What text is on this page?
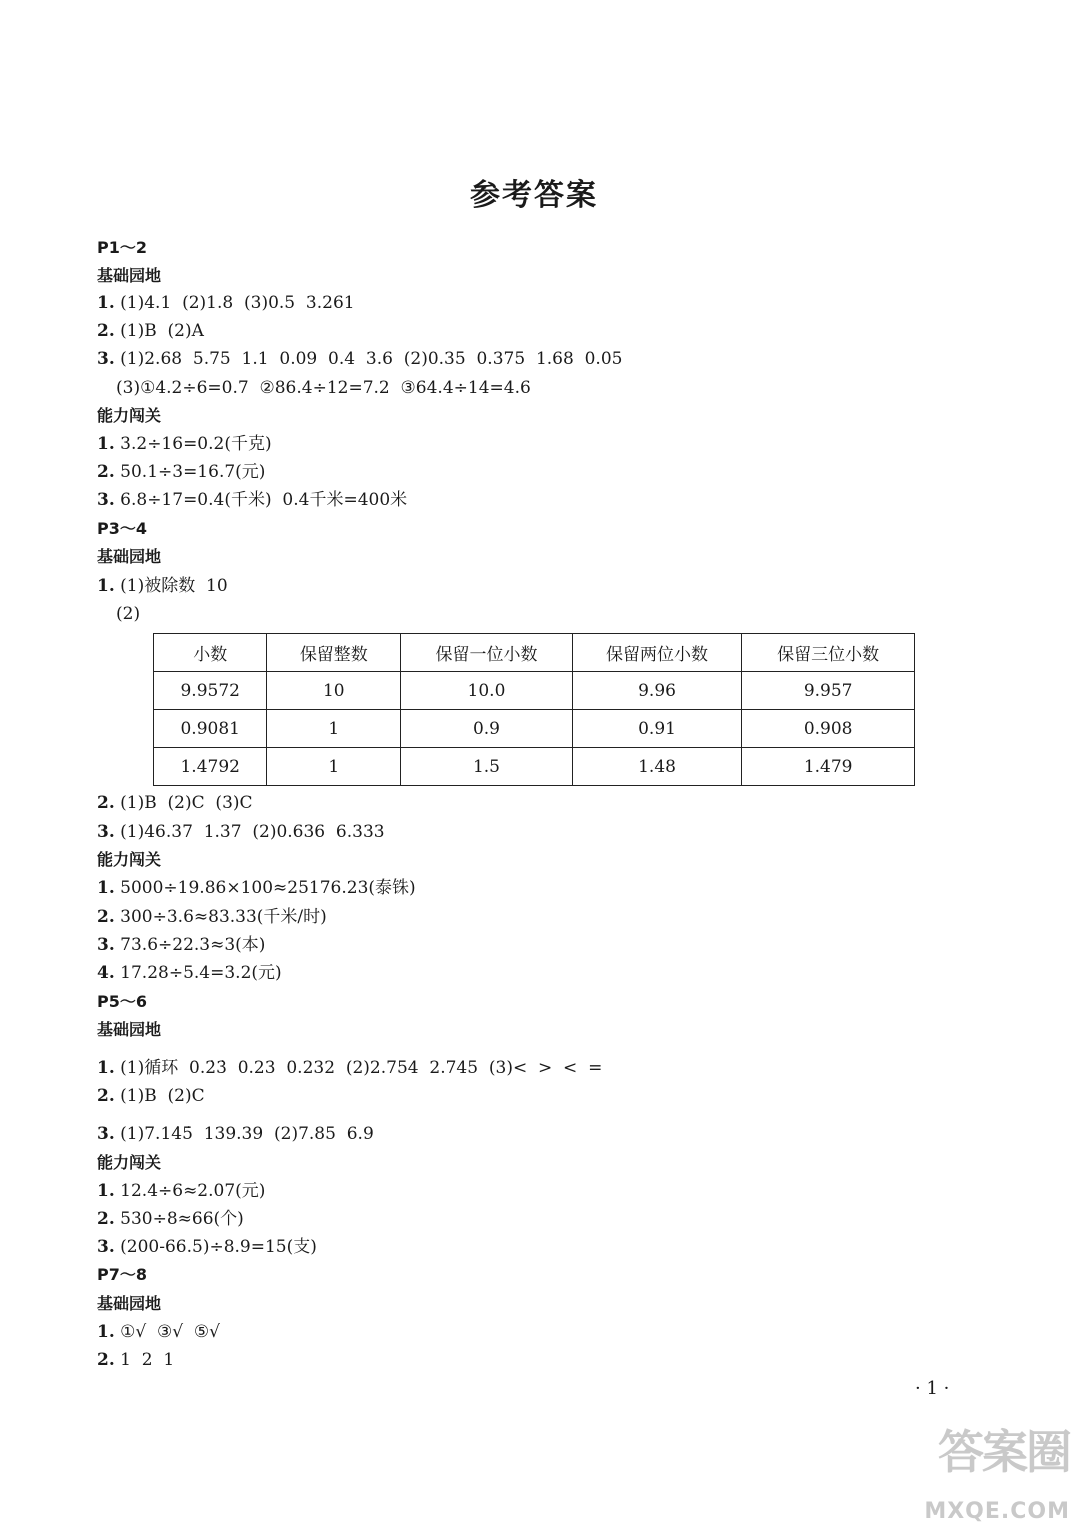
参考答案
P1～2
基础园地
1. (1)4.1  (2)1.8  (3)0.5  3.261
2. (1)B  (2)A
3. (1)2.68  5.75  1.1  0.09  0.4  3.6  (2)0.35  0.375  1.68  0.05
(3)①4.2÷6=0.7  ②86.4÷12=7.2  ③64.4÷14=4.6
能力闯关
1. 3.2÷16=0.2(千克)
2. 50.1÷3=16.7(元)
3. 6.8÷17=0.4(千米)  0.4千米=400米
P3～4
基础园地
1. (1)被除数  10
(2)
2. (1)B  (2)C  (3)C
3. (1)46.37  1.37  (2)0.636  6.333
能力闯关
1. 5000÷19.86×100≈25176.23(泰铢)
2. 300÷3.6≈83.33(千米/时)
3. 73.6÷22.3≈3(本)
4. 17.28÷5.4=3.2(元)
P5～6
基础园地
1. (1)循环  0.2̇3̇  0.23  0.232  (2)2.754  2.745  (3)<  >  <  =
2. (1)B  (2)C
3. (1)7.14̇5̇  139.39  (2)7.85  6.9
能力闯关
1. 12.4÷6≈2.07(元)
2. 530÷8≈66(个)
3. (200-66.5)÷8.9=15(支)
P7～8
基础园地
1. ①√  ③√  ⑤√
2. 1  2  1
小数	保留整数	保留一位小数	保留两位小数	保留三位小数
9.9572	10	10.0	9.96	9.957
0.9081	1	0.9	0.91	0.908
1.4792	1	1.5	1.48	1.479
· 1 ·
答案圈
MXQE.COM
